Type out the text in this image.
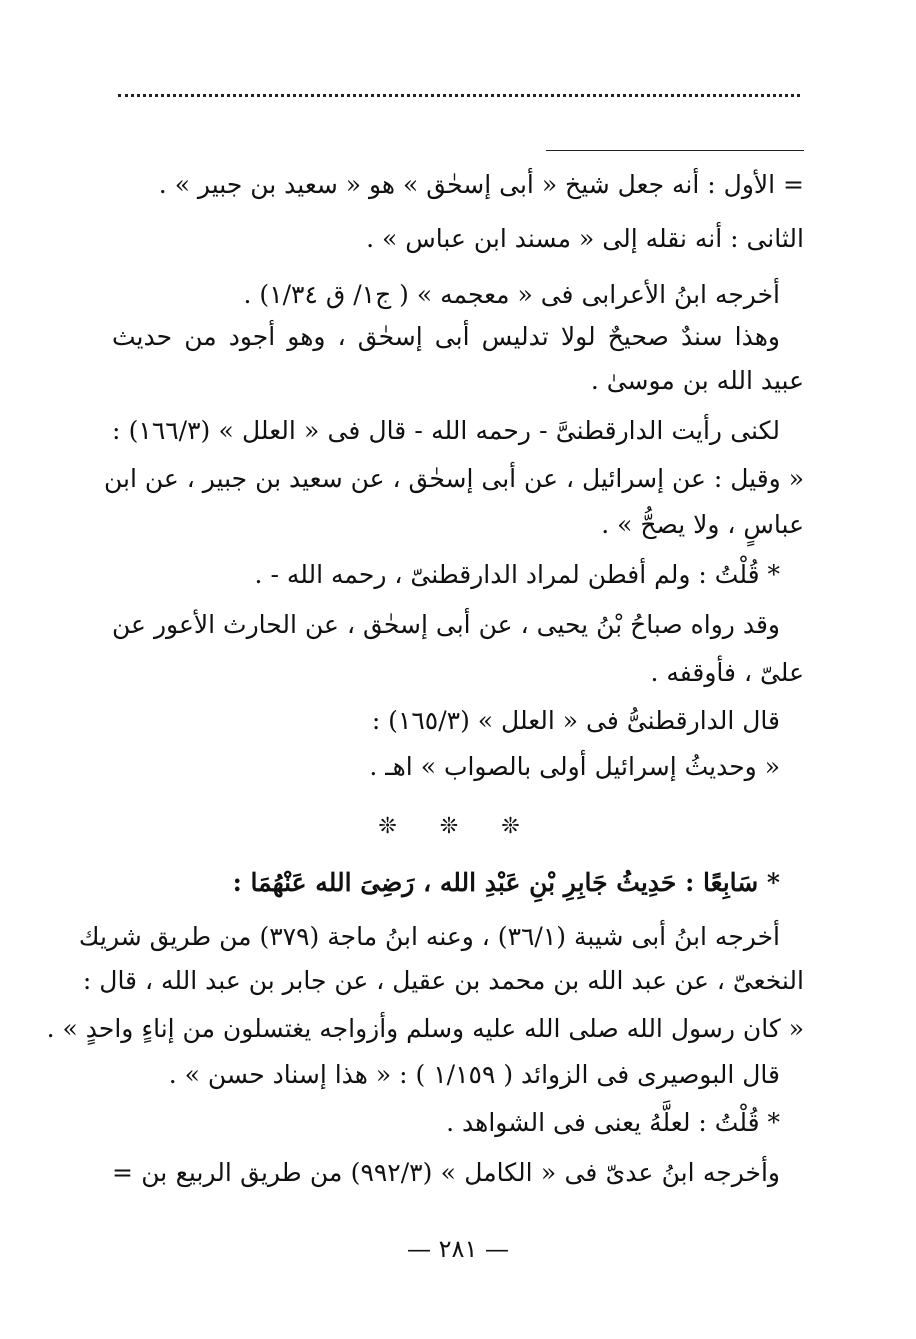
= الأول : أنه جعل شيخ « أبى إسحٰق » هو « سعيد بن جبير » .
الثانى : أنه نقله إلى « مسند ابن عباس » .
أخرجه ابنُ الأعرابى فى « معجمه » ( ج١/ ق ١/٣٤) .
وهذا سندٌ صحيحٌ لولا تدليس أبى إسحٰق ، وهو أجود من حديث
عبيد الله بن موسىٰ .
لكنى رأيت الدارقطنىَّ - رحمه الله - قال فى « العلل » (١٦٦/٣) :
« وقيل : عن إسرائيل ، عن أبى إسحٰق ، عن سعيد بن جبير ، عن ابن
عباسٍ ، ولا يصحُّ » .
* قُلْتُ : ولم أفطن لمراد الدارقطنىّ ، رحمه الله - .
وقد رواه صباحُ بْنُ يحيى ، عن أبى إسحٰق ، عن الحارث الأعور عن
علىّ ، فأوقفه .
قال الدارقطنىُّ فى « العلل » (١٦٥/٣) :
« وحديثُ إسرائيل أولى بالصواب » اهـ .
❊ ❊ ❊
* سَابِعًا : حَدِيثُ جَابِرِ بْنِ عَبْدِ الله ، رَضِىَ الله عَنْهُمَا :
أخرجه ابنُ أبى شيبة (٣٦/١) ، وعنه ابنُ ماجة (٣٧٩) من طريق شريك
النخعىّ ، عن عبد الله بن محمد بن عقيل ، عن جابر بن عبد الله ، قال :
« كان رسول الله صلى الله عليه وسلم وأزواجه يغتسلون من إناءٍ واحدٍ » .
قال البوصيرى فى الزوائد ( ١/١٥٩ ) : « هذا إسناد حسن » .
* قُلْتُ : لعلَّهُ يعنى فى الشواهد .
وأخرجه ابنُ عدىّ فى « الكامل » (٩٩٢/٣) من طريق الربيع بن =
— ٢٨١ —
